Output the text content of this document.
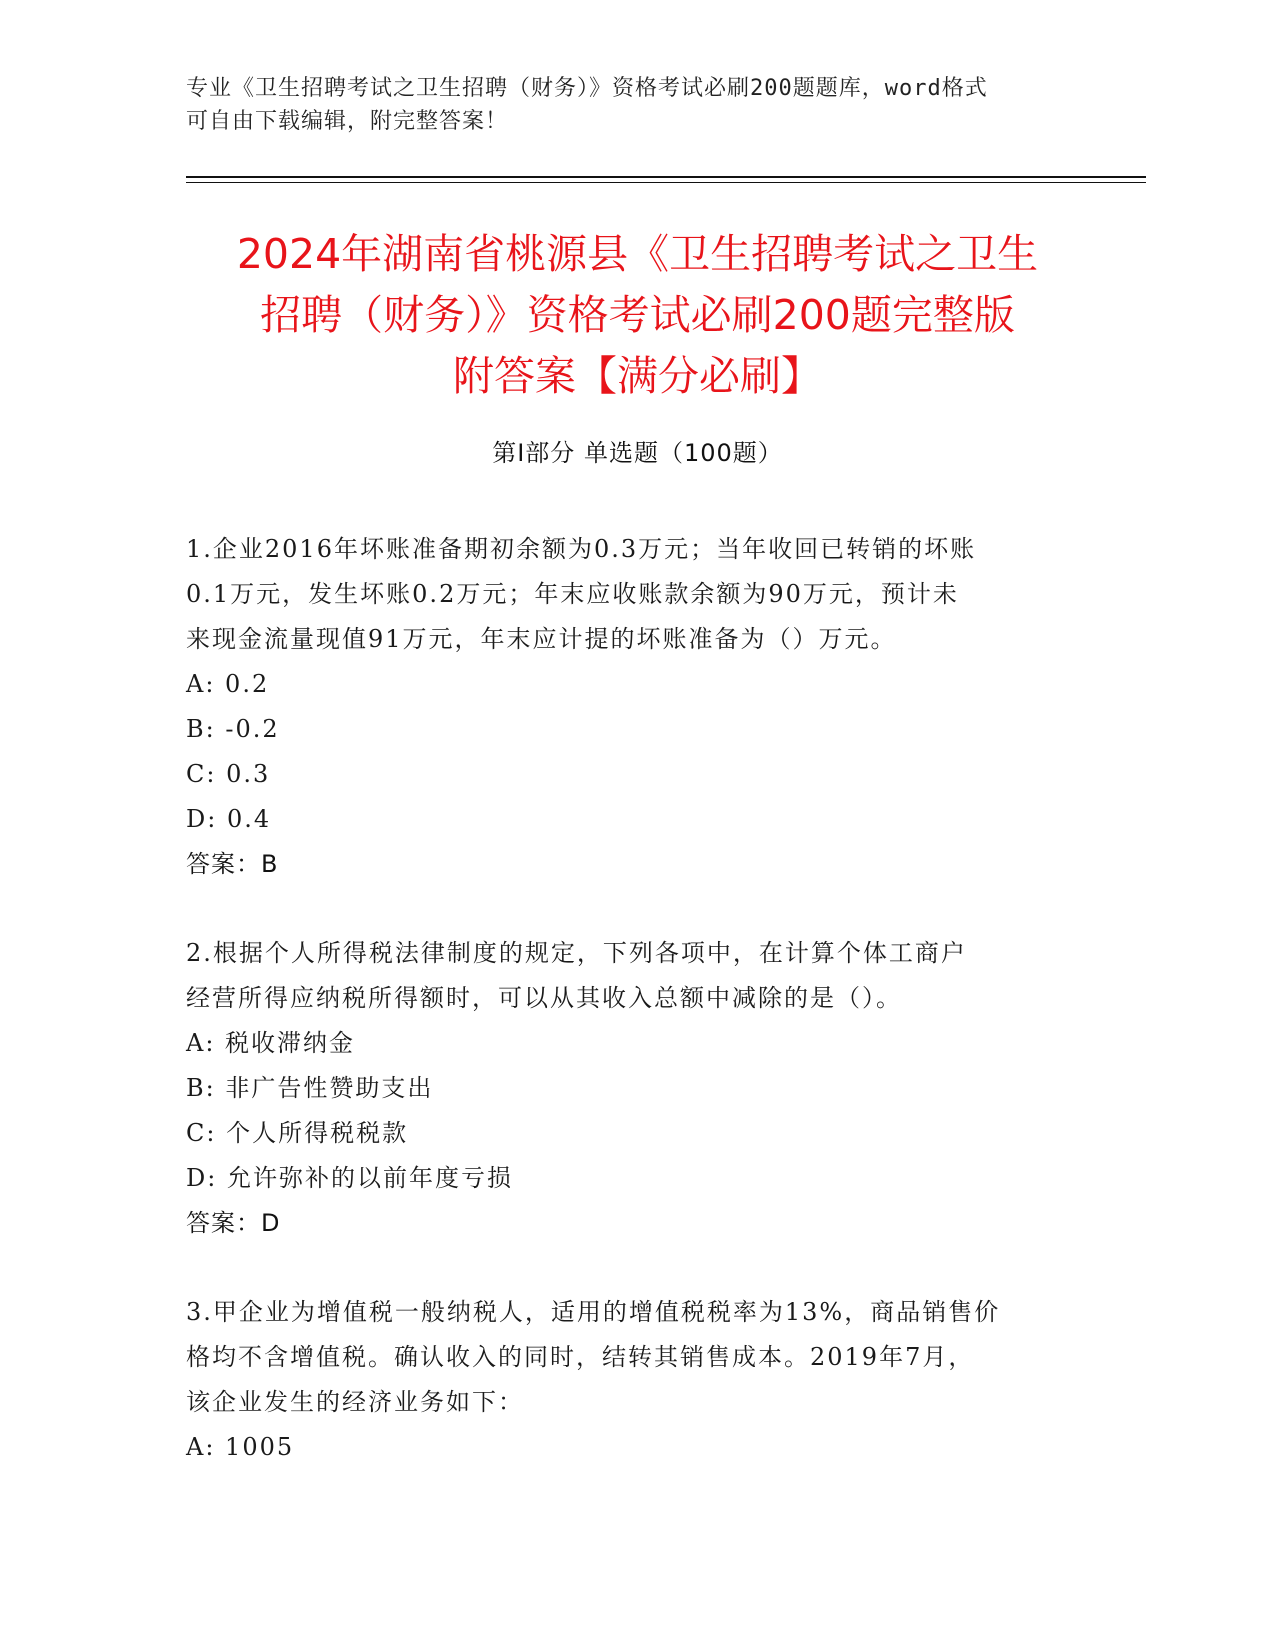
专业《卫生招聘考试之卫生招聘（财务）》资格考试必刷200题题库，word格式
可自由下载编辑，附完整答案！
2024年湖南省桃源县《卫生招聘考试之卫生
招聘（财务）》资格考试必刷200题完整版
附答案【满分必刷】
第Ⅰ部分 单选题（100题）
1.企业2016年坏账准备期初余额为0.3万元；当年收回已转销的坏账
0.1万元，发生坏账0.2万元；年末应收账款余额为90万元，预计未
来现金流量现值91万元，年末应计提的坏账准备为（）万元。
A: 0.2
B: -0.2
C: 0.3
D: 0.4
答案：B
2.根据个人所得税法律制度的规定，下列各项中，在计算个体工商户
经营所得应纳税所得额时，可以从其收入总额中减除的是（）。
A: 税收滞纳金
B: 非广告性赞助支出
C: 个人所得税税款
D: 允许弥补的以前年度亏损
答案：D
3.甲企业为增值税一般纳税人，适用的增值税税率为13%，商品销售价
格均不含增值税。确认收入的同时，结转其销售成本。2019年7月，
该企业发生的经济业务如下：
A: 1005
